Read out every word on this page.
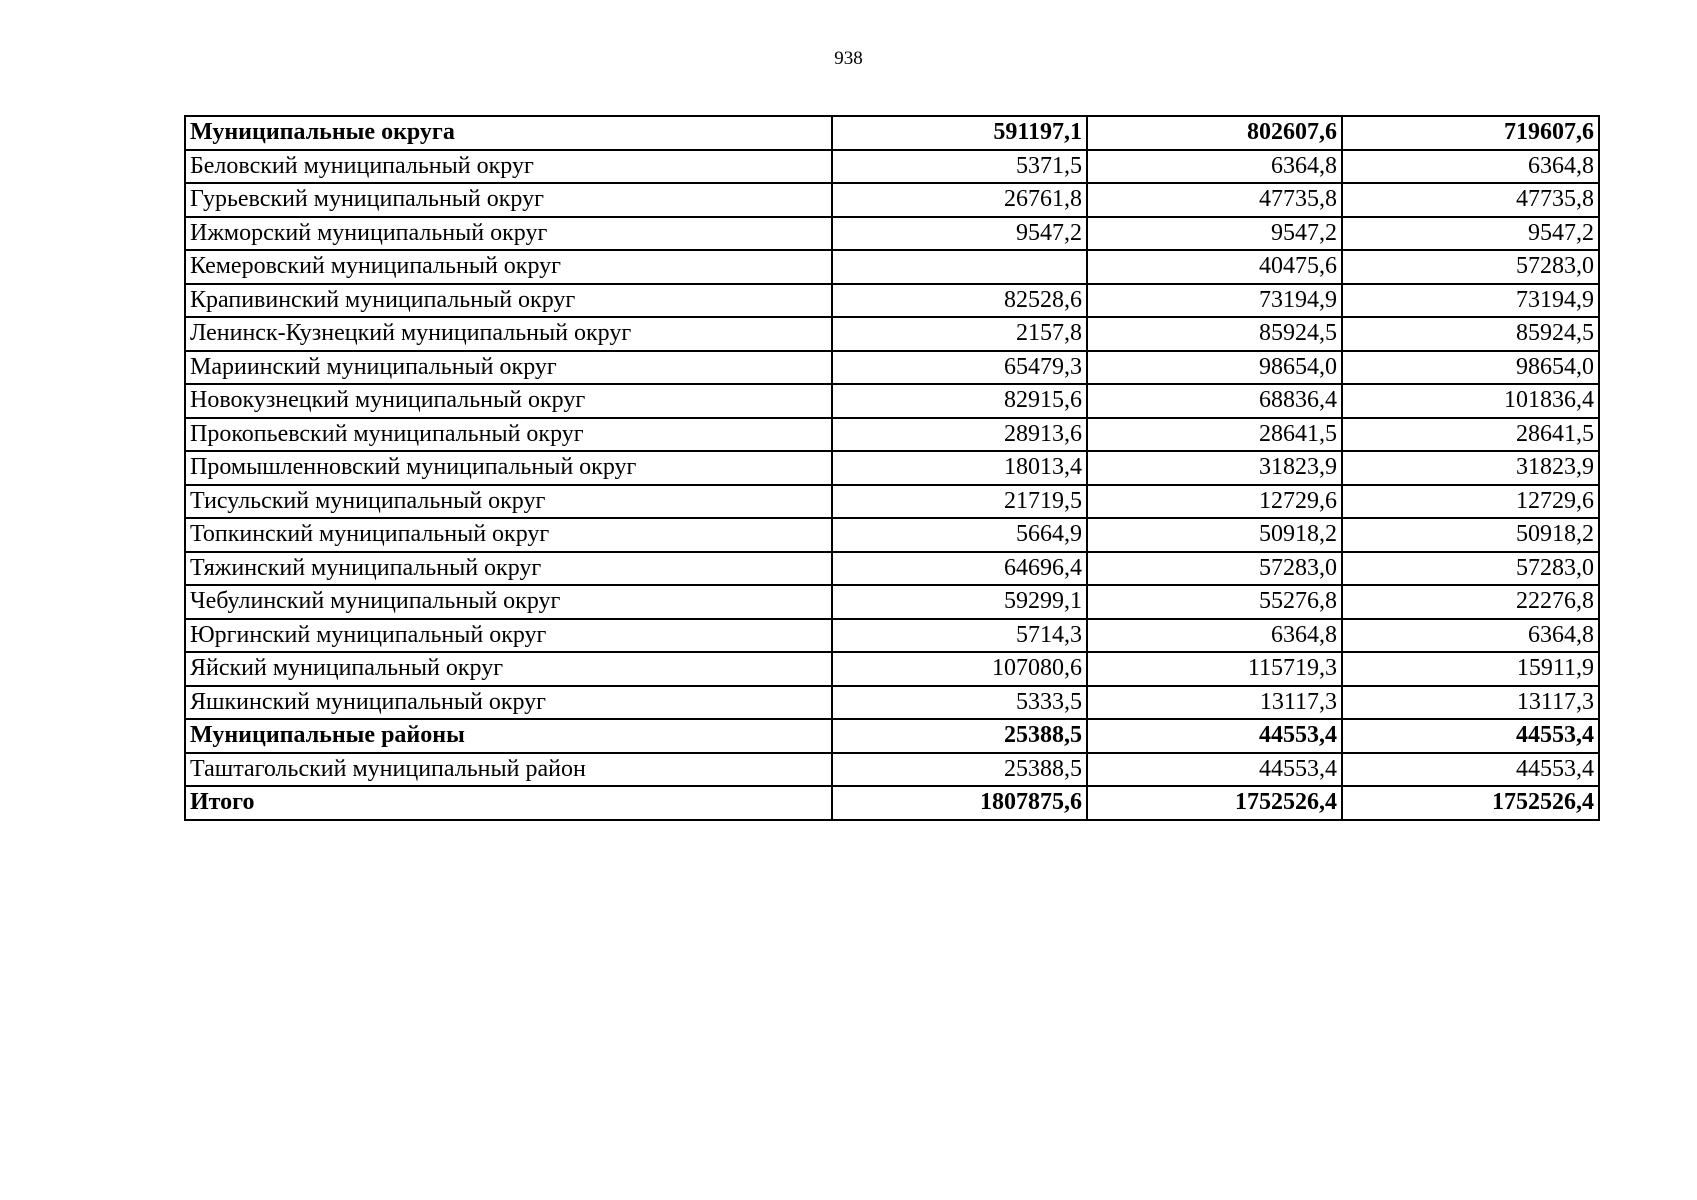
938
Муниципальные округа	591197,1	802607,6	719607,6
Беловский муниципальный округ	5371,5	6364,8	6364,8
Гурьевский муниципальный округ	26761,8	47735,8	47735,8
Ижморский муниципальный округ	9547,2	9547,2	9547,2
Кемеровский муниципальный округ		40475,6	57283,0
Крапивинский муниципальный округ	82528,6	73194,9	73194,9
Ленинск-Кузнецкий муниципальный округ	2157,8	85924,5	85924,5
Мариинский муниципальный округ	65479,3	98654,0	98654,0
Новокузнецкий муниципальный округ	82915,6	68836,4	101836,4
Прокопьевский муниципальный округ	28913,6	28641,5	28641,5
Промышленновский муниципальный округ	18013,4	31823,9	31823,9
Тисульский муниципальный округ	21719,5	12729,6	12729,6
Топкинский муниципальный округ	5664,9	50918,2	50918,2
Тяжинский муниципальный округ	64696,4	57283,0	57283,0
Чебулинский муниципальный округ	59299,1	55276,8	22276,8
Юргинский муниципальный округ	5714,3	6364,8	6364,8
Яйский муниципальный округ	107080,6	115719,3	15911,9
Яшкинский муниципальный округ	5333,5	13117,3	13117,3
Муниципальные районы	25388,5	44553,4	44553,4
Таштагольский муниципальный район	25388,5	44553,4	44553,4
Итого	1807875,6	1752526,4	1752526,4
